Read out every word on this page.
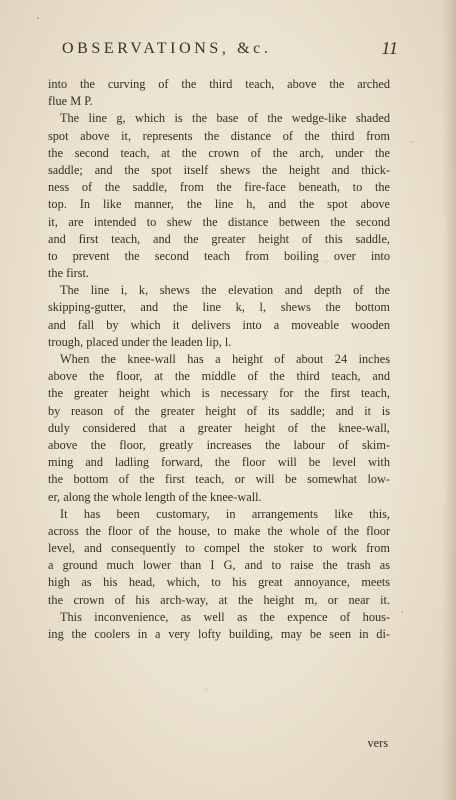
OBSERVATIONS, &c.	11
into the curving of the third teach, above the arched
flue M P.
The line g, which is the base of the wedge-like shaded
spot above it, represents the distance of the third from
the second teach, at the crown of the arch, under the
saddle; and the spot itself shews the height and thick-
ness of the saddle, from the fire-face beneath, to the
top. In like manner, the line h, and the spot above
it, are intended to shew the distance between the second
and first teach, and the greater height of this saddle,
to prevent the second teach from boiling over into
the first.
The line i, k, shews the elevation and depth of the
skipping-gutter, and the line k, l, shews the bottom
and fall by which it delivers into a moveable wooden
trough, placed under the leaden lip, l.
When the knee-wall has a height of about 24 inches
above the floor, at the middle of the third teach, and
the greater height which is necessary for the first teach,
by reason of the greater height of its saddle; and it is
duly considered that a greater height of the knee-wall,
above the floor, greatly increases the labour of skim-
ming and ladling forward, the floor will be level with
the bottom of the first teach, or will be somewhat low-
er, along the whole length of the knee-wall.
It has been customary, in arrangements like this,
across the floor of the house, to make the whole of the floor
level, and consequently to compel the stoker to work from
a ground much lower than I G, and to raise the trash as
high as his head, which, to his great annoyance, meets
the crown of his arch-way, at the height m, or near it.
This inconvenience, as well as the expence of hous-
ing the coolers in a very lofty building, may be seen in di-
vers
